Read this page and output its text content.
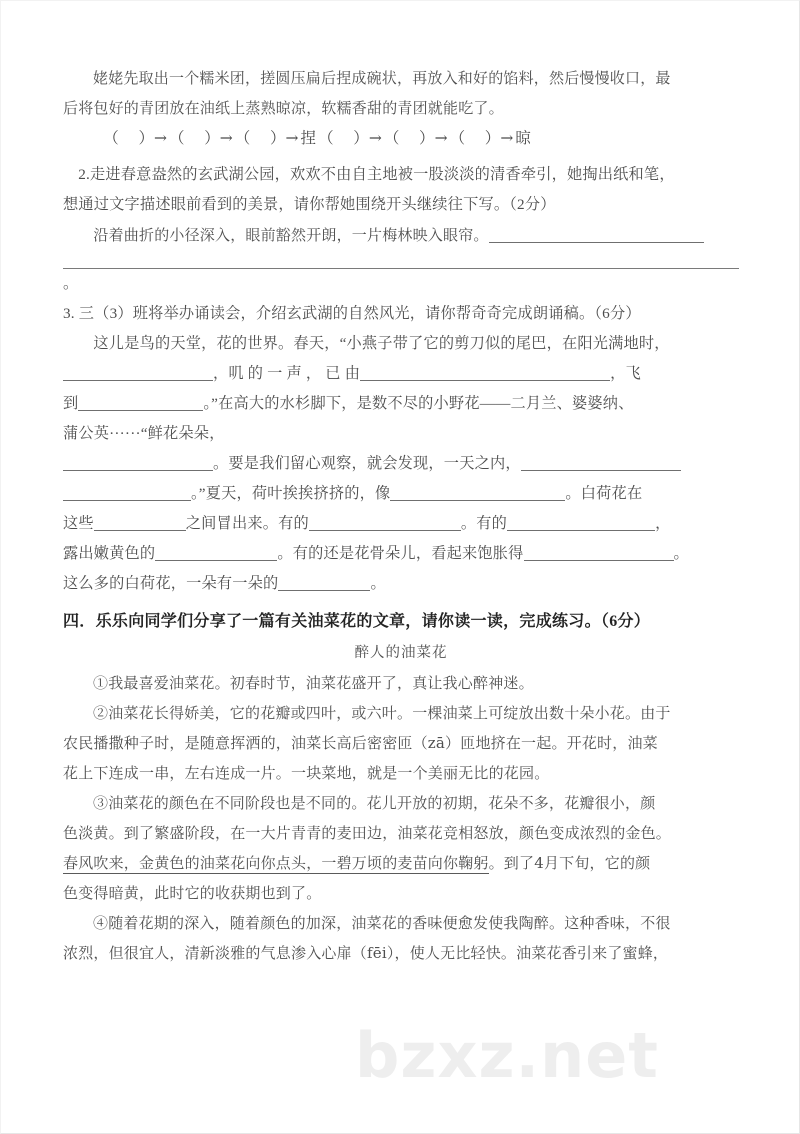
bzxz.net
姥姥先取出一个糯米团，搓圆压扁后捏成碗状，再放入和好的馅料，然后慢慢收口，最
后将包好的青团放在油纸上蒸熟晾凉，软糯香甜的青团就能吃了。
（ ）→（ ）→（ ）→捏（ ）→（ ）→（ ）→晾
2.走进春意盎然的玄武湖公园，欢欢不由自主地被一股淡淡的清香牵引，她掏出纸和笔，
想通过文字描述眼前看到的美景，请你帮她围绕开头继续往下写。（2分）
沿着曲折的小径深入，眼前豁然开朗，一片梅林映入眼帘。
。
3. 三（3）班将举办诵读会，介绍玄武湖的自然风光，请你帮奇奇完成朗诵稿。（6分）
这儿是鸟的天堂，花的世界。春天，“小燕子带了它的剪刀似的尾巴，在阳光满地时，
，叽 的 一 声 ， 已 由	，飞
到	。”在高大的水杉脚下，是数不尽的小野花——二月兰、婆婆纳、
蒲公英······“鲜花朵朵，
。要是我们留心观察，就会发现，一天之内，
。”夏天，荷叶挨挨挤挤的，像	。白荷花在
这些	之间冒出来。有的	。有的	，
露出嫩黄色的	。有的还是花骨朵儿，看起来饱胀得	。
这么多的白荷花，一朵有一朵的	。
四．乐乐向同学们分享了一篇有关油菜花的文章，请你读一读，完成练习。（6分）
醉人的油菜花
①我最喜爱油菜花。初春时节，油菜花盛开了，真让我心醉神迷。
②油菜花长得娇美，它的花瓣或四叶，或六叶。一棵油菜上可绽放出数十朵小花。由于
农民播撒种子时，是随意挥洒的，油菜长高后密密匝（zā）匝地挤在一起。开花时，油菜
花上下连成一串，左右连成一片。一块菜地，就是一个美丽无比的花园。
③油菜花的颜色在不同阶段也是不同的。花儿开放的初期，花朵不多，花瓣很小，颜
色淡黄。到了繁盛阶段，在一大片青青的麦田边，油菜花竞相怒放，颜色变成浓烈的金色。
春风吹来，金黄色的油菜花向你点头，一碧万顷的麦苗向你鞠躬。到了4月下旬，它的颜
色变得暗黄，此时它的收获期也到了。
④随着花期的深入，随着颜色的加深，油菜花的香味便愈发使我陶醉。这种香味，不很
浓烈，但很宜人，清新淡雅的气息渗入心扉（fēi），使人无比轻快。油菜花香引来了蜜蜂，
